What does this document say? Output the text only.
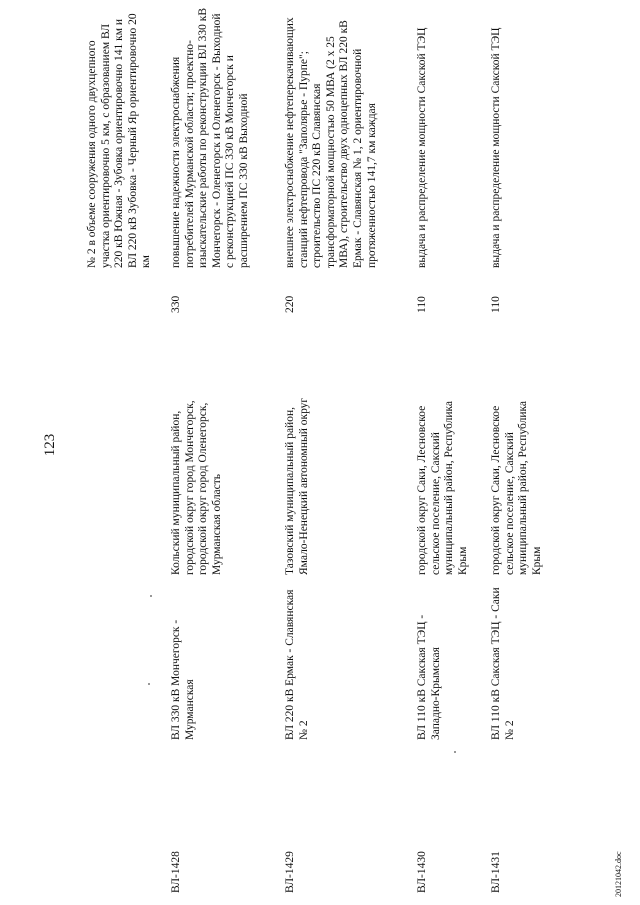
123
№ 2 в объеме сооружения одного двухцепного участка ориентировочно 5 км, с образованием ВЛ 220 кВ Южная - Зубовка ориентировочно 141 км и ВЛ 220 кВ Зубовка - Черный Яр ориентировочно 20 км
ВЛ-1428
ВЛ 330 кВ Мончегорск - Мурманская
Кольский муниципальный район, городской округ город Мончегорск, городской округ город Оленегорск, Мурманская область
330
повышение надежности электроснабжения потребителей Мурманской области; проектно-изыскательские работы по реконструкции ВЛ 330 кВ Мончегорск - Оленегорск и Оленегорск - Выходной с реконструкцией ПС 330 кВ Мончегорск и расширением ПС 330 кВ Выходной
ВЛ-1429
ВЛ 220 кВ Ермак - Славянская № 2
Тазовский муниципальный район, Ямало-Ненецкий автономный округ
220
внешнее электроснабжение нефтеперекачивающих станций нефтепровода "Заполярье - Пурпе"; строительство ПС 220 кВ Славянская трансформаторной мощностью 50 МВА (2 x 25 МВА), строительство двух одноцепных ВЛ 220 кВ Ермак - Славянская № 1, 2 ориентировочной протяженностью 141,7 км каждая
ВЛ-1430
ВЛ 110 кВ Сакская ТЭЦ - Западно-Крымская
городской округ Саки, Лесновское сельское поселение, Сакский муниципальный район, Республика Крым
110
выдача и распределение мощности Сакской ТЭЦ
ВЛ-1431
ВЛ 110 кВ Сакская ТЭЦ - Саки № 2
городской округ Саки, Лесновское сельское поселение, Сакский муниципальный район, Республика Крым
110
выдача и распределение мощности Сакской ТЭЦ
20121042.doc
